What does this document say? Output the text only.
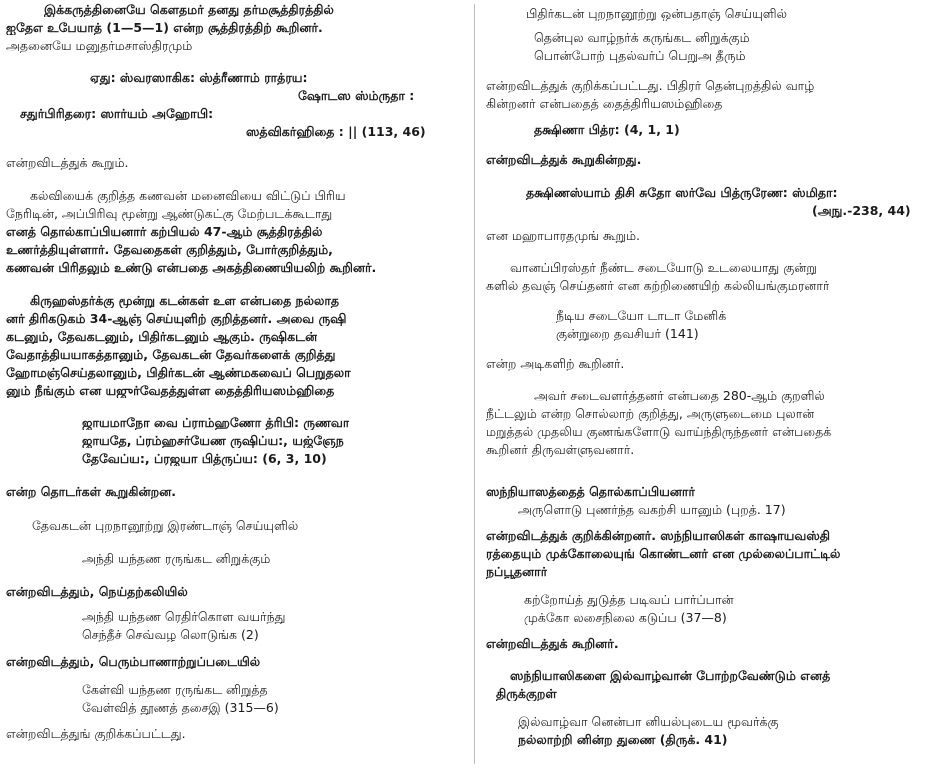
இக்கருத்தினையே கௌதமர் தனது தர்மசூத்திரத்தில்
ஐதேஎ உபேயாத் (1—5—1) என்ற சூத்திரத்திற் கூறினர்.
அதனையே மனுதர்மசாஸ்திரமும்
ஏது: ஸ்வரஸாகிக: ஸ்த்ரீணாம் ராத்ரய:
ஷோடஸ ஸ்ம்ருதா :
சதுர்பிரிதரை: ஸார்யம் அஹோபி:
ஸத்விகர்ஹிதை : || (113, 46)
என்றவிடத்துக் கூறும்.
கல்வியைக் குறித்த கணவன் மனைவியை விட்டுப் பிரிய
நேரிடின், அப்பிரிவு மூன்று ஆண்டுகட்கு மேற்படக்கூடாது
எனத் தொல்காப்பியனார் கற்பியல் 47-ஆம் சூத்திரத்தில்
உணர்த்தியுள்ளார். தேவதைகள் குறித்தும், போர்குறித்தும்,
கணவன் பிரிதலும் உண்டு என்பதை அகத்திணையியலிற் கூறினர்.
கிருஹஸ்தர்க்கு மூன்று கடன்கள் உள என்பதை நல்லாத
னர் திரிகடுகம் 34-ஆஞ் செய்யுளிற் குறித்தனர். அவை ருஷி
கடனும், தேவகடனும், பிதிர்கடனும் ஆகும். ருஷிகடன்
வேதாத்தியயாகத்தானும், தேவகடன் தேவர்களைக் குறித்து
ஹோமஞ்செய்தலானும், பிதிர்கடன் ஆண்மகவைப் பெறுதலா
னும் நீங்கும் என யஜுர்வேதத்துள்ள தைத்திரியஸம்ஹிதை
ஜாயமாநோ வை ப்ராம்ஹணோ த்ரிபி: ருணவா
ஜாயதே, ப்ரம்ஹசர்யேண ருஷிப்ய:, யஜ்ஞேந
தேவேப்ய:, ப்ரஜயா பித்ருப்ய: (6, 3, 10)
என்ற தொடர்கள் கூறுகின்றன.
தேவகடன் புறநானூற்று இரண்டாஞ் செய்யுளில்
அந்தி யந்தண ரருங்கட னிறுக்கும்
என்றவிடத்தும், நெய்தற்கலியில்
அந்தி யந்தண ரெதிர்கொள வயர்ந்து
செந்தீச் செவ்வழ லொடுங்க (2)
என்றவிடத்தும், பெரும்பாணாற்றுப்படையில்
கேள்வி யந்தண ரருங்கட னிறுத்த
வேள்வித் தூணத் தசைஇ (315—6)
என்றவிடத்துங் குறிக்கப்பட்டது.
பிதிர்கடன் புறநானூற்று ஒன்பதாஞ் செய்யுளில்
தென்புல வாழ்நர்க் கருங்கட னிறுக்கும்
பொன்போற் புதல்வர்ப் பெறுஅ தீரும்
என்றவிடத்துக் குறிக்கப்பட்டது. பிதிரர் தென்புறத்தில் வாழ்
கின்றனர் என்பதைத் தைத்திரியஸம்ஹிதை
தக்ஷிணா பித்ர: (4, 1, 1)
என்றவிடத்துக் கூறுகின்றது.
தக்ஷிணஸ்யாம் திசி சுதோ ஸர்வே பித்ருரேண: ஸ்மிதா:
(அநு.-238, 44)
என மஹாபாரதமுங் கூறும்.
வானப்பிரஸ்தர் நீண்ட சடையோடு உடலையாது குன்று
களில் தவஞ் செய்தனர் என கற்றிணையிற் கல்லியங்குமரனார்
நீடிய சடையோ டாடா மேனிக்
குன்றுறை தவசியர் (141)
என்ற அடிகளிற் கூறினர்.
அவர் சடைவளர்த்தனர் என்பதை 280-ஆம் குறளில்
நீட்டலும் என்ற சொல்லாற் குறித்து, அருளுடைமை புலான்
மறுத்தல் முதலிய குணங்களோடு வாய்ந்திருந்தனர் என்பதைக்
கூறினர் திருவள்ளுவனார்.
ஸந்நியாஸத்தைத் தொல்காப்பியனார்
அருளொடு புணர்ந்த வகற்சி யானும் (புறத். 17)
என்றவிடத்துக் குறிக்கின்றனர். ஸந்நியாஸிகள் காஷாயவஸ்தி
ரத்தையும் முக்கோலையுங் கொண்டனர் என முல்லைப்பாட்டில்
நப்பூதனார்
கற்றோய்த் துடுத்த படிவப் பார்ப்பான்
முக்கோ லசைநிலை கடுப்ப (37—8)
என்றவிடத்துக் கூறினர்.
ஸந்நியாஸிகளை இல்வாழ்வான் போற்றவேண்டும் எனத்
திருக்குறள்
இல்வாழ்வா னென்பா னியல்புடைய மூவர்க்கு
நல்லாற்றி னின்ற துணை (திருக். 41)
